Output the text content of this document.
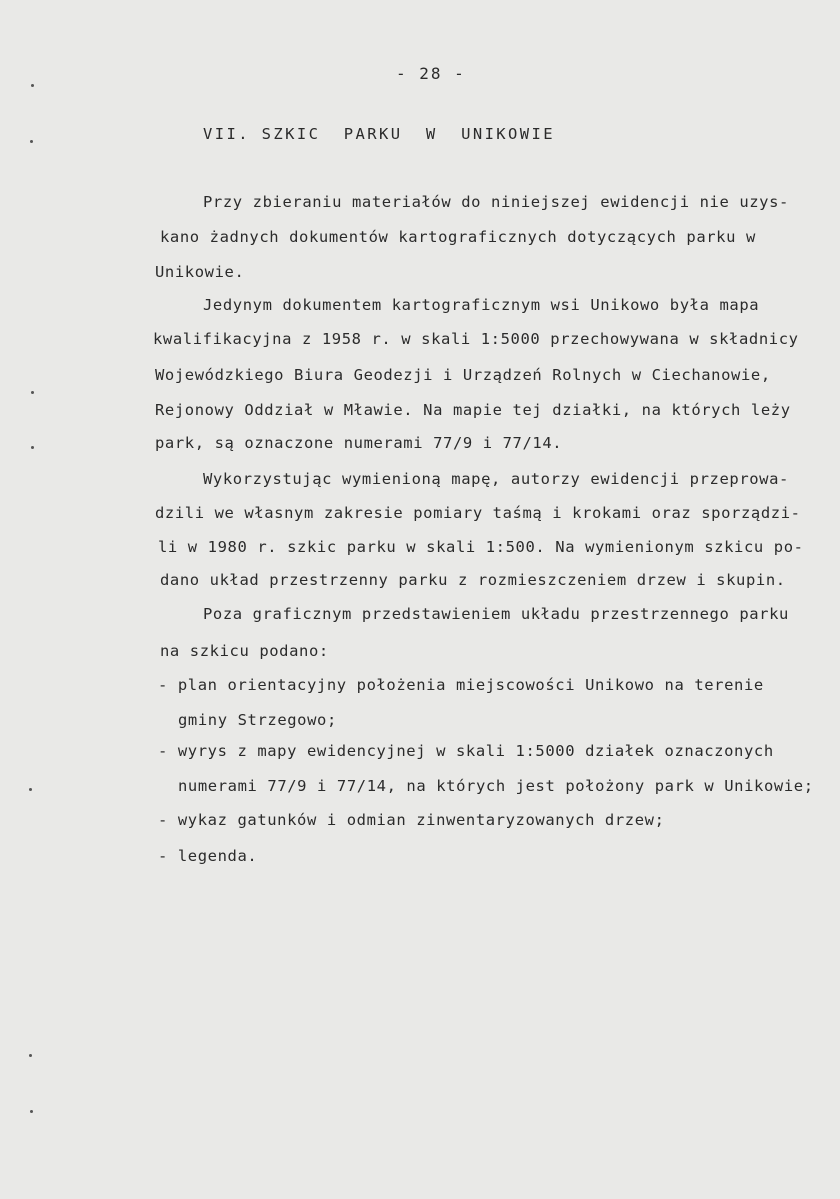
- 28 -
VII. SZKIC  PARKU  W  UNIKOWIE
Przy zbieraniu materiałów do niniejszej ewidencji nie uzys-
kano żadnych dokumentów kartograficznych dotyczących parku w
Unikowie.
Jedynym dokumentem kartograficznym wsi Unikowo była mapa
kwalifikacyjna z 1958 r. w skali 1:5000 przechowywana w składnicy
Wojewódzkiego Biura Geodezji i Urządzeń Rolnych w Ciechanowie,
Rejonowy Oddział w Mławie. Na mapie tej działki, na których leży
park, są oznaczone numerami 77/9 i 77/14.
Wykorzystując wymienioną mapę, autorzy ewidencji przeprowa-
dzili we własnym zakresie pomiary taśmą i krokami oraz sporządzi-
li w 1980 r. szkic parku w skali 1:500. Na wymienionym szkicu po-
dano układ przestrzenny parku z rozmieszczeniem drzew i skupin.
Poza graficznym przedstawieniem układu przestrzennego parku
na szkicu podano:
- plan orientacyjny położenia miejscowości Unikowo na terenie
gminy Strzegowo;
- wyrys z mapy ewidencyjnej w skali 1:5000 działek oznaczonych
numerami 77/9 i 77/14, na których jest położony park w Unikowie;
- wykaz gatunków i odmian zinwentaryzowanych drzew;
- legenda.
